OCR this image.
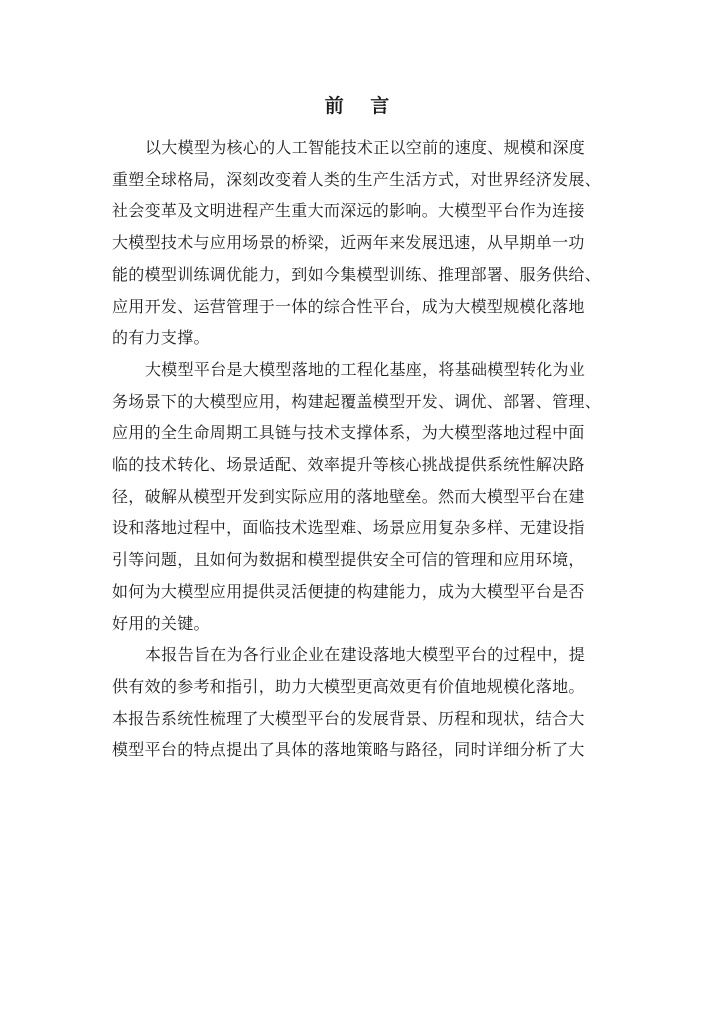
前 言
以大模型为核心的人工智能技术正以空前的速度、规模和深度
重塑全球格局，深刻改变着人类的生产生活方式，对世界经济发展、
社会变革及文明进程产生重大而深远的影响。大模型平台作为连接
大模型技术与应用场景的桥梁，近两年来发展迅速，从早期单一功
能的模型训练调优能力，到如今集模型训练、推理部署、服务供给、
应用开发、运营管理于一体的综合性平台，成为大模型规模化落地
的有力支撑。
大模型平台是大模型落地的工程化基座，将基础模型转化为业
务场景下的大模型应用，构建起覆盖模型开发、调优、部署、管理、
应用的全生命周期工具链与技术支撑体系，为大模型落地过程中面
临的技术转化、场景适配、效率提升等核心挑战提供系统性解决路
径，破解从模型开发到实际应用的落地壁垒。然而大模型平台在建
设和落地过程中，面临技术选型难、场景应用复杂多样、无建设指
引等问题，且如何为数据和模型提供安全可信的管理和应用环境，
如何为大模型应用提供灵活便捷的构建能力，成为大模型平台是否
好用的关键。
本报告旨在为各行业企业在建设落地大模型平台的过程中，提
供有效的参考和指引，助力大模型更高效更有价值地规模化落地。
本报告系统性梳理了大模型平台的发展背景、历程和现状，结合大
模型平台的特点提出了具体的落地策略与路径，同时详细分析了大
